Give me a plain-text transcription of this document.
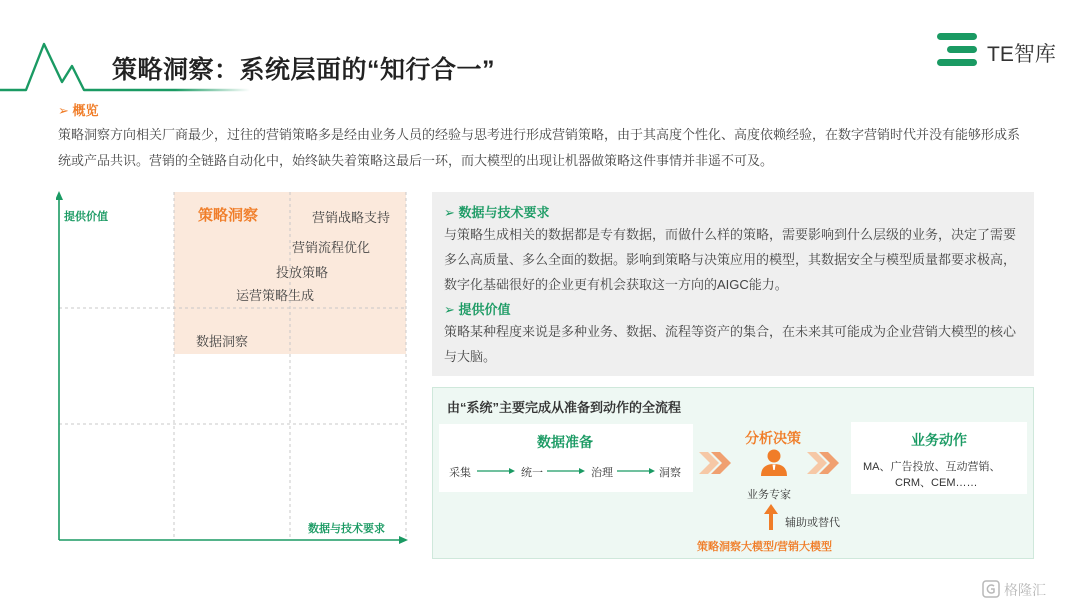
策略洞察：系统层面的“知行合一”
TE智库
➢ 概览
策略洞察方向相关厂商最少，过往的营销策略多是经由业务人员的经验与思考进行形成营销策略，由于其高度个性化、高度依赖经验，在数字营销时代并没有能够形成系统或产品共识。营销的全链路自动化中，始终缺失着策略这最后一环，而大模型的出现让机器做策略这件事情并非遥不可及。
提供价值
数据与技术要求
策略洞察	营销战略支持
营销流程优化
投放策略
运营策略生成
数据洞察
➢ 数据与技术要求
与策略生成相关的数据都是专有数据，而做什么样的策略，需要影响到什么层级的业务，决定了需要多么高质量、多么全面的数据。影响到策略与决策应用的模型，其数据安全与模型质量都要求极高，数字化基础很好的企业更有机会获取这一方向的AIGC能力。
➢ 提供价值
策略某种程度来说是多种业务、数据、流程等资产的集合，在未来其可能成为企业营销大模型的核心与大脑。
由“系统”主要完成从准备到动作的全流程
数据准备
采集	统一	治理	洞察
分析决策
业务专家
辅助或替代
策略洞察大模型/营销大模型
业务动作
MA、广告投放、互动营销、
CRM、CEM……
格隆汇
